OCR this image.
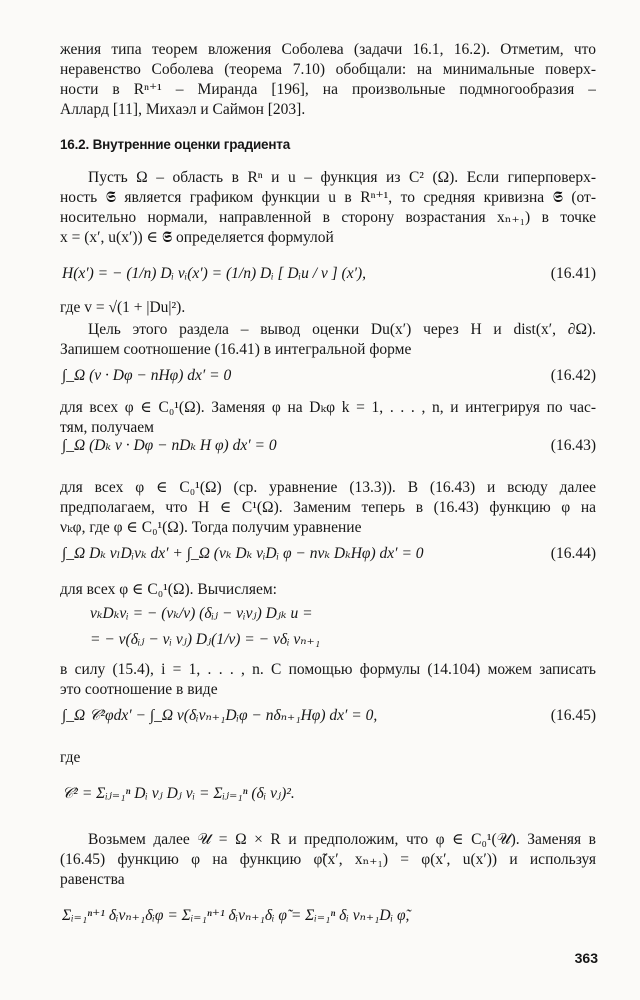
жения типа теорем вложения Соболева (задачи 16.1, 16.2). Отметим, что
неравенство Соболева (теорема 7.10) обобщали: на минимальные поверх-
ности в Rⁿ⁺¹ – Миранда [196], на произвольные подмногообразия –
Аллард [11], Михаэл и Саймон [203].
16.2. Внутренние оценки градиента
Пусть Ω – область в Rⁿ и u – функция из C² (Ω). Если гиперповерх-
ность 𝕾 является графиком функции u в Rⁿ⁺¹, то средняя кривизна 𝕾 (от-
носительно нормали, направленной в сторону возрастания xₙ₊₁) в точке
x = (x′, u(x′)) ∈ 𝕾 определяется формулой
H(x′) = − (1/n) Dᵢ νᵢ(x′) = (1/n) Dᵢ [ Dᵢu / v ] (x′),	(16.41)
где v = √(1 + |Du|²).
Цель этого раздела – вывод оценки Du(x′) через H и dist(x′, ∂Ω).
Запишем соотношение (16.41) в интегральной форме
∫_Ω (ν · Dφ − nHφ) dx′ = 0	(16.42)
для всех φ ∈ C₀¹(Ω). Заменяя φ на Dₖφ k = 1, . . . , n, и интегрируя по час-
тям, получаем
∫_Ω (Dₖ v · Dφ − nDₖ H φ) dx′ = 0	(16.43)
для всех φ ∈ C₀¹(Ω) (ср. уравнение (13.3)). В (16.43) и всюду далее
предполагаем, что H ∈ C¹(Ω). Заменим теперь в (16.43) функцию φ на
νₖφ, где φ ∈ C₀¹(Ω). Тогда получим уравнение
∫_Ω Dₖ νₗDᵢνₖ dx′ + ∫_Ω (νₖ Dₖ νᵢDᵢ φ − nνₖ DₖHφ) dx′ = 0	(16.44)
для всех φ ∈ C₀¹(Ω). Вычисляем:
νₖDₖνᵢ = − (νₖ/v) (δᵢⱼ − νᵢνⱼ) Dⱼₖ u =
= − v(δᵢⱼ − νᵢ νⱼ) Dⱼ(1/v) = − vδᵢ νₙ₊₁
в силу (15.4), i = 1, . . . , n. С помощью формулы (14.104) можем записать
это соотношение в виде
∫_Ω 𝒞²φdx′ − ∫_Ω v(δᵢνₙ₊₁Dᵢφ − nδₙ₊₁Hφ) dx′ = 0,	(16.45)
где
𝒞² = Σᵢⱼ₌₁ⁿ Dᵢ νⱼ Dⱼ νᵢ = Σᵢⱼ₌₁ⁿ (δᵢ νⱼ)².
Возьмем далее 𝒰 = Ω × R и предположим, что φ ∈ C₀¹(𝒰). Заменяя в
(16.45) функцию φ на функцию φ̃(x′, xₙ₊₁) = φ(x′, u(x′)) и используя
равенства
Σᵢ₌₁ⁿ⁺¹ δᵢνₙ₊₁δᵢφ = Σᵢ₌₁ⁿ⁺¹ δᵢνₙ₊₁δᵢ φ̃ = Σᵢ₌₁ⁿ δᵢ νₙ₊₁Dᵢ φ̃,
363
